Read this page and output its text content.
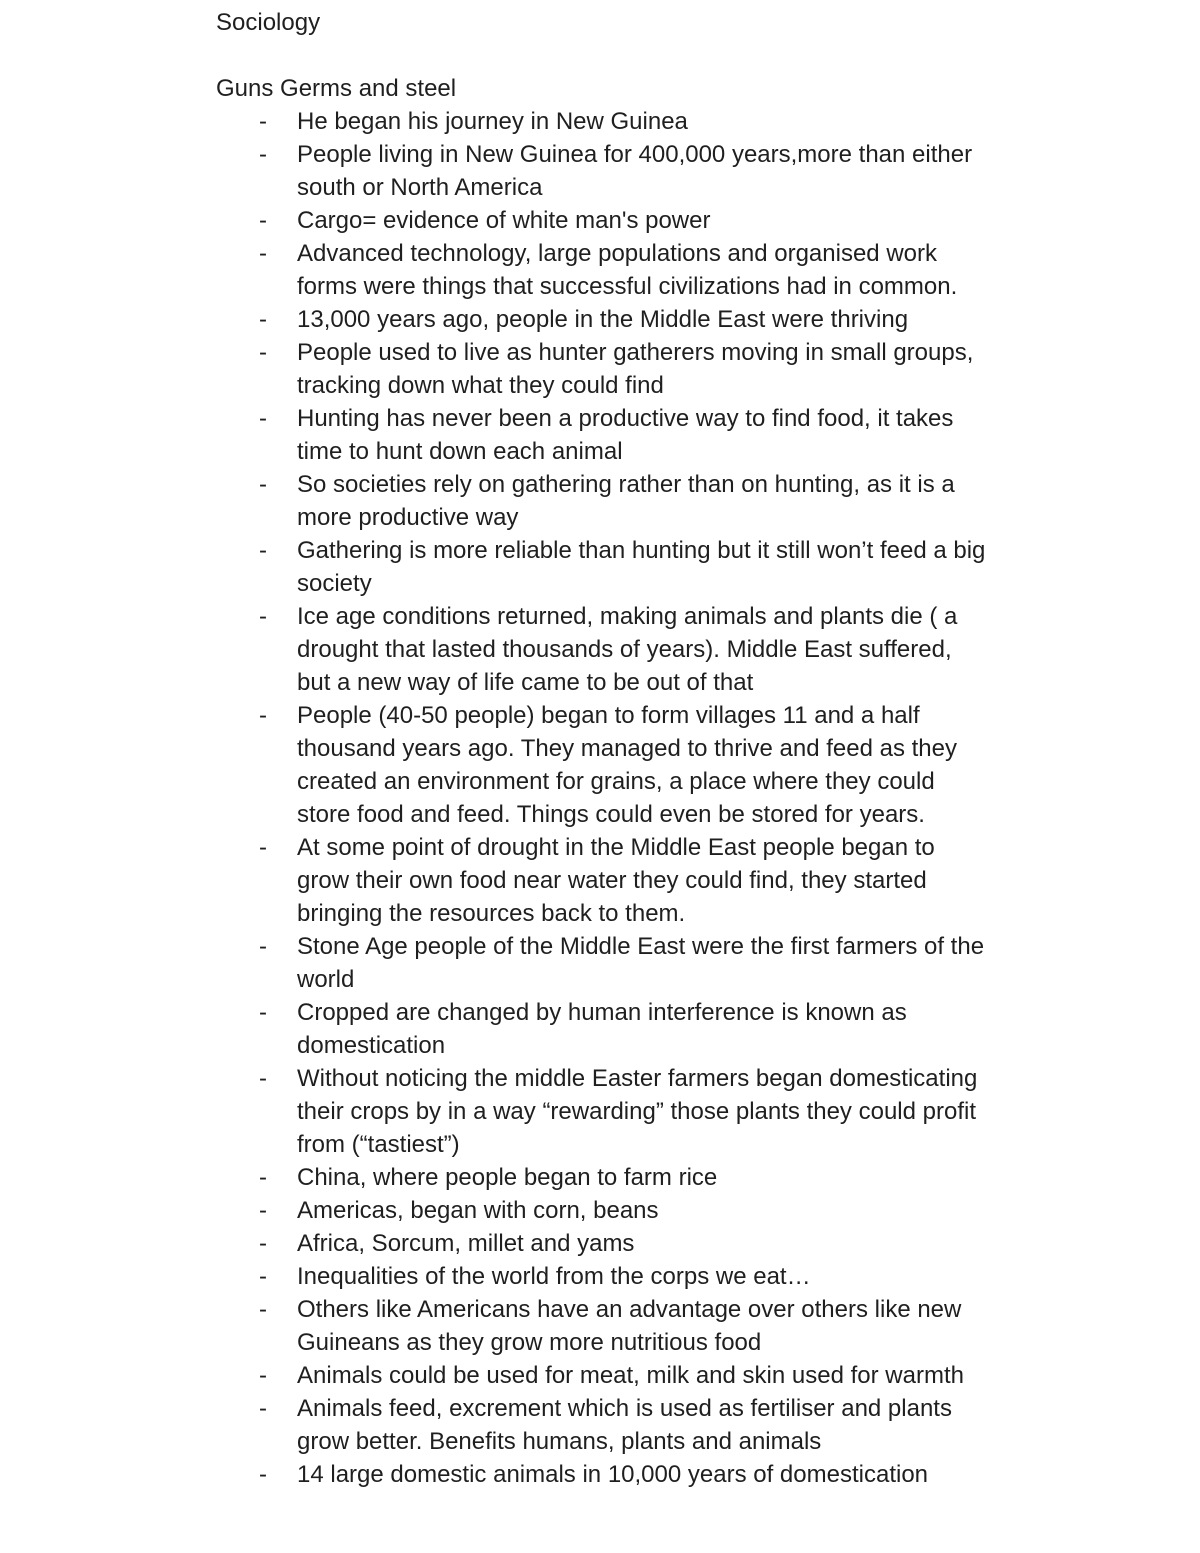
Sociology
Guns Germs and steel
- He began his journey in New Guinea
- People living in New Guinea for 400,000 years,more than either south or North America
- Cargo= evidence of white man's power
- Advanced technology, large populations and organised work forms were things that successful civilizations had in common.
- 13,000 years ago, people in the Middle East were thriving
- People used to live as hunter gatherers moving in small groups, tracking down what they could find
- Hunting has never been a productive way to find food, it takes time to hunt down each animal
- So societies rely on gathering rather than on hunting, as it is a more productive way
- Gathering is more reliable than hunting but it still won’t feed a big society
- Ice age conditions returned, making animals and plants die ( a drought that lasted thousands of years). Middle East suffered, but a new way of life came to be out of that
- People (40-50 people) began to form villages 11 and a half thousand years ago. They managed to thrive and feed as they created an environment for grains, a place where they could store food and feed. Things could even be stored for years.
- At some point of drought in the Middle East people began to grow their own food near water they could find, they started bringing the resources back to them.
- Stone Age people of the Middle East were the first farmers of the world
- Cropped are changed by human interference is known as domestication
- Without noticing the middle Easter farmers began domesticating their crops by in a way “rewarding” those plants they could profit from (“tastiest”)
- China, where people began to farm rice
- Americas, began with corn, beans
- Africa, Sorcum, millet and yams
- Inequalities of the world from the corps we eat…
- Others like Americans have an advantage over others like new Guineans as they grow more nutritious food
- Animals could be used for meat, milk and skin used for warmth
- Animals feed, excrement which is used as fertiliser and plants grow better. Benefits humans, plants and animals
- 14 large domestic animals in 10,000 years of domestication
